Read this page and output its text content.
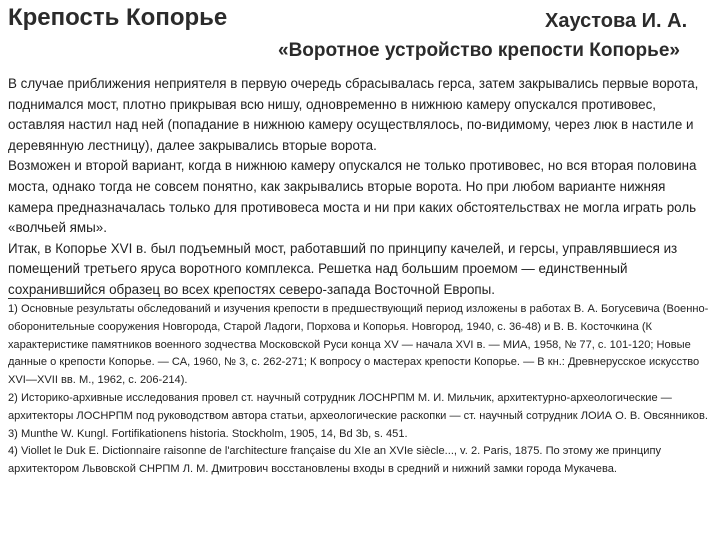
Крепость Копорье	Хаустова И. А.
«Воротное устройство крепости Копорье»

В случае приближения неприятеля в первую очередь сбрасывалась герса, затем закрывались первые ворота, поднимался мост, плотно прикрывая всю нишу, одновременно в нижнюю камеру опускался противовес, оставляя настил над ней (попадание в нижнюю камеру осуществлялось, по-видимому, через люк в настиле и деревянную лестницу), далее закрывались вторые ворота.

Возможен и второй вариант, когда в нижнюю камеру опускался не только противовес, но вся вторая половина моста, однако тогда не совсем понятно, как закрывались вторые ворота. Но при любом варианте нижняя камера предназначалась только для противовеса моста и ни при каких обстоятельствах не могла играть роль «волчьей ямы».

Итак, в Копорье XVI в. был подъемный мост, работавший по принципу качелей, и герсы, управлявшиеся из помещений третьего яруса воротного комплекса. Решетка над большим проемом — единственный сохранившийся образец во всех крепостях северо-запада Восточной Европы.

1) Основные результаты обследований и изучения крепости в предшествующий период изложены в работах В. А. Богусевича (Военно-оборонительные сооружения Новгорода, Старой Ладоги, Порхова и Копорья. Новгород, 1940, с. 36-48) и В. В. Косточкина (К характеристике памятников военного зодчества Московской Руси конца XV — начала XVI в. — МИА, 1958, № 77, с. 101-120; Новые данные о крепости Копорье. — СА, 1960, № 3, с. 262-271; К вопросу о мастерах крепости Копорье. — В кн.: Древнерусское искусство XVI—XVII вв. М., 1962, с. 206-214).

2) Историко-архивные исследования провел ст. научный сотрудник ЛОСНРПМ М. И. Мильчик, архитектурно-археологические — архитекторы ЛОСНРПМ под руководством автора статьи, археологические раскопки — ст. научный сотрудник ЛОИА О. В. Овсянников.

3) Munthe W. Kungl. Fortifikationens historia. Stockholm, 1905, 14, Bd 3b, s. 451.

4) Viollet le Duk E. Dictionnaire raisonne de l'architecture française du XIe an XVIe siècle..., v. 2. Paris, 1875. По этому же принципу архитектором Львовской СНРПМ Л. М. Дмитрович восстановлены входы в средний и нижний замки города Мукачева.
